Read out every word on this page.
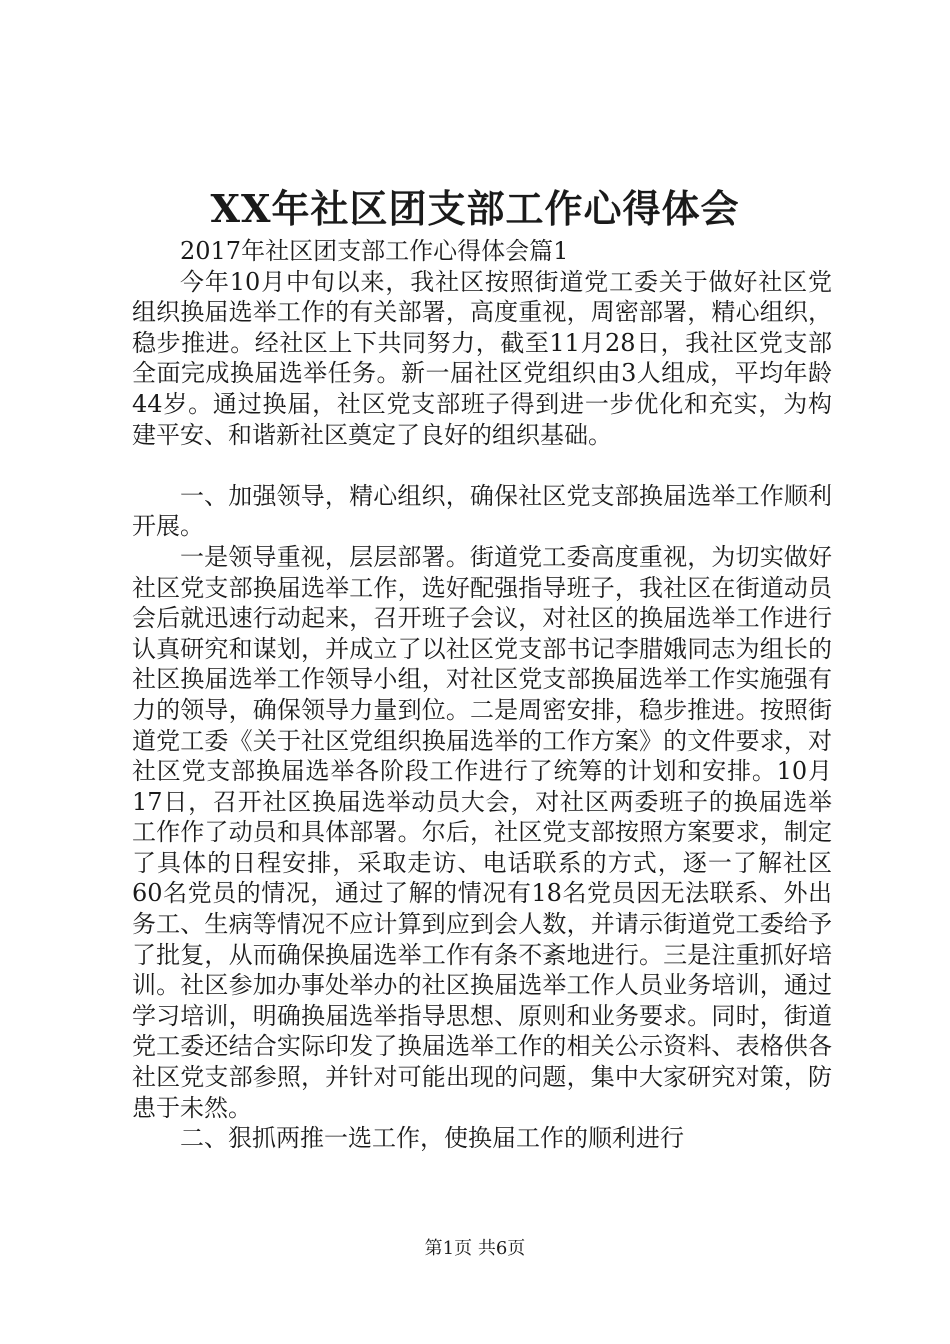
XX年社区团支部工作心得体会

2017年社区团支部工作心得体会篇1

今年10月中旬以来，我社区按照街道党工委关于做好社区党组织换届选举工作的有关部署，高度重视，周密部署，精心组织，稳步推进。经社区上下共同努力，截至11月28日，我社区党支部全面完成换届选举任务。新一届社区党组织由3人组成，平均年龄44岁。通过换届，社区党支部班子得到进一步优化和充实，为构建平安、和谐新社区奠定了良好的组织基础。

一、加强领导，精心组织，确保社区党支部换届选举工作顺利开展。

一是领导重视，层层部署。街道党工委高度重视，为切实做好社区党支部换届选举工作，选好配强指导班子，我社区在街道动员会后就迅速行动起来，召开班子会议，对社区的换届选举工作进行认真研究和谋划，并成立了以社区党支部书记李腊娥同志为组长的社区换届选举工作领导小组，对社区党支部换届选举工作实施强有力的领导，确保领导力量到位。二是周密安排，稳步推进。按照街道党工委《关于社区党组织换届选举的工作方案》的文件要求，对社区党支部换届选举各阶段工作进行了统筹的计划和安排。10月17日，召开社区换届选举动员大会，对社区两委班子的换届选举工作作了动员和具体部署。尔后，社区党支部按照方案要求，制定了具体的日程安排，采取走访、电话联系的方式，逐一了解社区60名党员的情况，通过了解的情况有18名党员因无法联系、外出务工、生病等情况不应计算到应到会人数，并请示街道党工委给予了批复，从而确保换届选举工作有条不紊地进行。三是注重抓好培训。社区参加办事处举办的社区换届选举工作人员业务培训，通过学习培训，明确换届选举指导思想、原则和业务要求。同时，街道党工委还结合实际印发了换届选举工作的相关公示资料、表格供各社区党支部参照，并针对可能出现的问题，集中大家研究对策，防患于未然。

二、狠抓两推一选工作，使换届工作的顺利进行

第1页 共6页
